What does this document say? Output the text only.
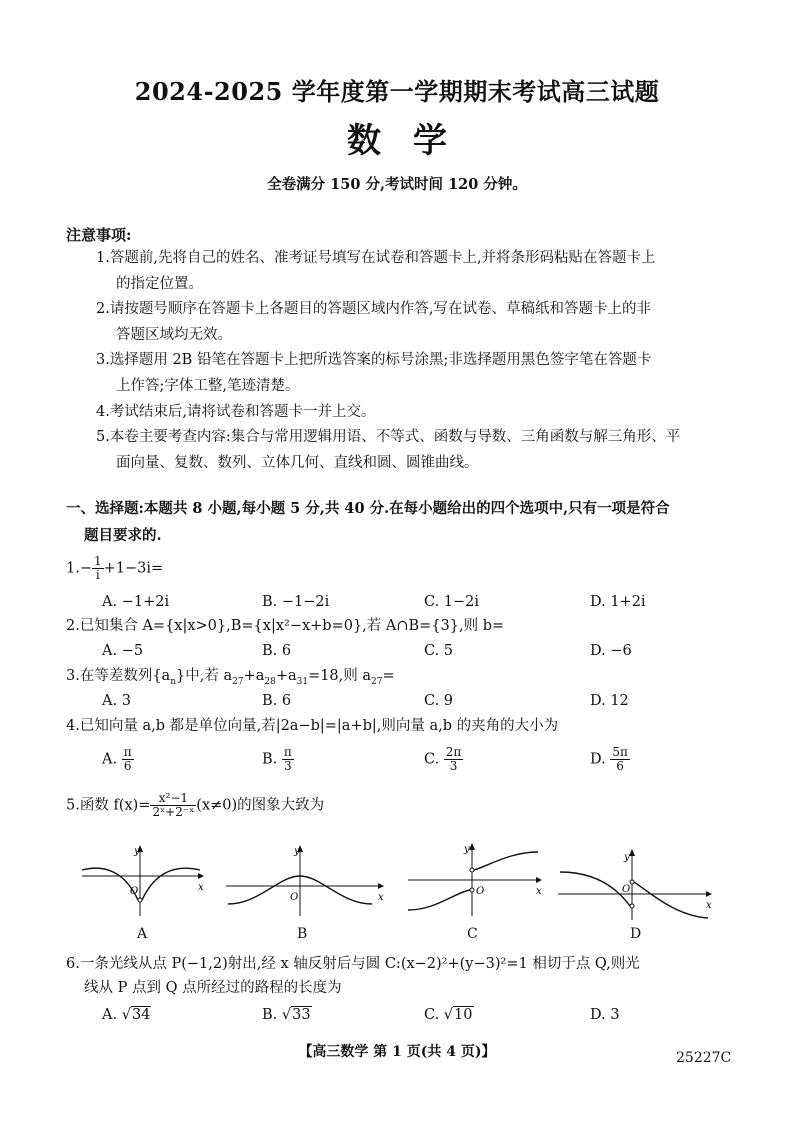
2024-2025 学年度第一学期期末考试高三试题
数学
全卷满分 150 分,考试时间 120 分钟。
注意事项:
1.答题前,先将自己的姓名、准考证号填写在试卷和答题卡上,并将条形码粘贴在答题卡上
的指定位置。
2.请按题号顺序在答题卡上各题目的答题区域内作答,写在试卷、草稿纸和答题卡上的非
答题区域均无效。
3.选择题用 2B 铅笔在答题卡上把所选答案的标号涂黑;非选择题用黑色签字笔在答题卡
上作答;字体工整,笔迹清楚。
4.考试结束后,请将试卷和答题卡一并上交。
5.本卷主要考查内容:集合与常用逻辑用语、不等式、函数与导数、三角函数与解三角形、平
面向量、复数、数列、立体几何、直线和圆、圆锥曲线。
一、选择题:本题共 8 小题,每小题 5 分,共 40 分.在每小题给出的四个选项中,只有一项是符合
题目要求的.
$1.- \frac{1}{i} +1-3i=$
A. −1+2i	B. −1−2i	C. 1−2i	D. 1+2i
2.已知集合 A={x|x>0},B={x|x²−x+b=0},若 A∩B={3},则 b=
A. −5	B. 6	C. 5	D. −6
3.在等差数列$\{a_n\}$中,若 $a_{27}+a_{28}+a_{31}=18$,则 $a_{27}=$
A. 3	B. 6	C. 9	D. 12
4.已知向量 a,b 都是单位向量,若|2a−b|=|a+b|,则向量 a,b 的夹角的大小为
A. $\frac{\pi}{6}$	B. $\frac{\pi}{3}$	C. $\frac{2\pi}{3}$	D. $\frac{5\pi}{6}$
5.函数 $f(x)= \frac{\text{x²−1}}{\text{2ˣ+2⁻ˣ}} (x\ne 0)$的图象大致为
y
x
O
y
x
O
y
x
O
y
x
O
A	B	C	D
6.一条光线从点 P(−1,2)射出,经 x 轴反射后与圆 C:(x−2)²+(y−3)²=1 相切于点 Q,则光
线从 P 点到 Q 点所经过的路程的长度为
A. √34	B. √33	C. √10	D. 3
【高三数学 第 1 页(共 4 页)】	25227C
